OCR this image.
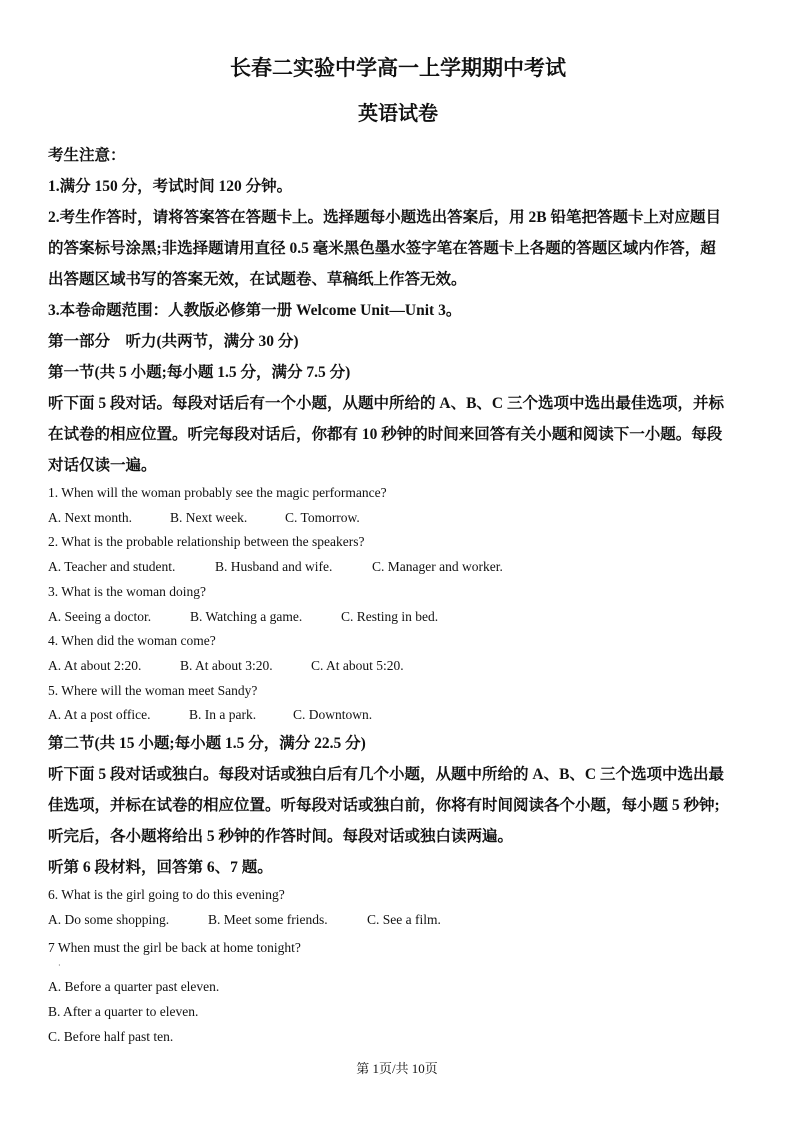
长春二实验中学高一上学期期中考试

英语试卷

考生注意：

1.满分 150 分，考试时间 120 分钟。

2.考生作答时，请将答案答在答题卡上。选择题每小题选出答案后，用 2B 铅笔把答题卡上对应题目

的答案标号涂黑;非选择题请用直径 0.5 毫米黑色墨水签字笔在答题卡上各题的答题区域内作答，超

出答题区域书写的答案无效，在试题卷、草稿纸上作答无效。

3.本卷命题范围：人教版必修第一册 Welcome Unit—Unit 3。

第一部分　听力(共两节，满分 30 分)

第一节(共 5 小题;每小题 1.5 分，满分 7.5 分)

听下面 5 段对话。每段对话后有一个小题，从题中所给的 A、B、C 三个选项中选出最佳选项，并标

在试卷的相应位置。听完每段对话后，你都有 10 秒钟的时间来回答有关小题和阅读下一小题。每段

对话仅读一遍。

1. When will the woman probably see the magic performance?

A. Next month.	B. Next week.	C. Tomorrow.

2. What is the probable relationship between the speakers?

A. Teacher and student.	B. Husband and wife.	C. Manager and worker.

3. What is the woman doing?

A. Seeing a doctor.	B. Watching a game.	C. Resting in bed.

4. When did the woman come?

A. At about 2:20.	B. At about 3:20.	C. At about 5:20.

5. Where will the woman meet Sandy?

A. At a post office.	B. In a park.	C. Downtown.

第二节(共 15 小题;每小题 1.5 分，满分 22.5 分)

听下面 5 段对话或独白。每段对话或独白后有几个小题，从题中所给的 A、B、C 三个选项中选出最

佳选项，并标在试卷的相应位置。听每段对话或独白前，你将有时间阅读各个小题，每小题 5 秒钟;

听完后，各小题将给出 5 秒钟的作答时间。每段对话或独白读两遍。

听第 6 段材料，回答第 6、7 题。

6. What is the girl going to do this evening?

A. Do some shopping.	B. Meet some friends.	C. See a film.

7 When must the girl be back at home tonight?

·

A. Before a quarter past eleven.

B. After a quarter to eleven.

C. Before half past ten.

第 1页/共 10页
